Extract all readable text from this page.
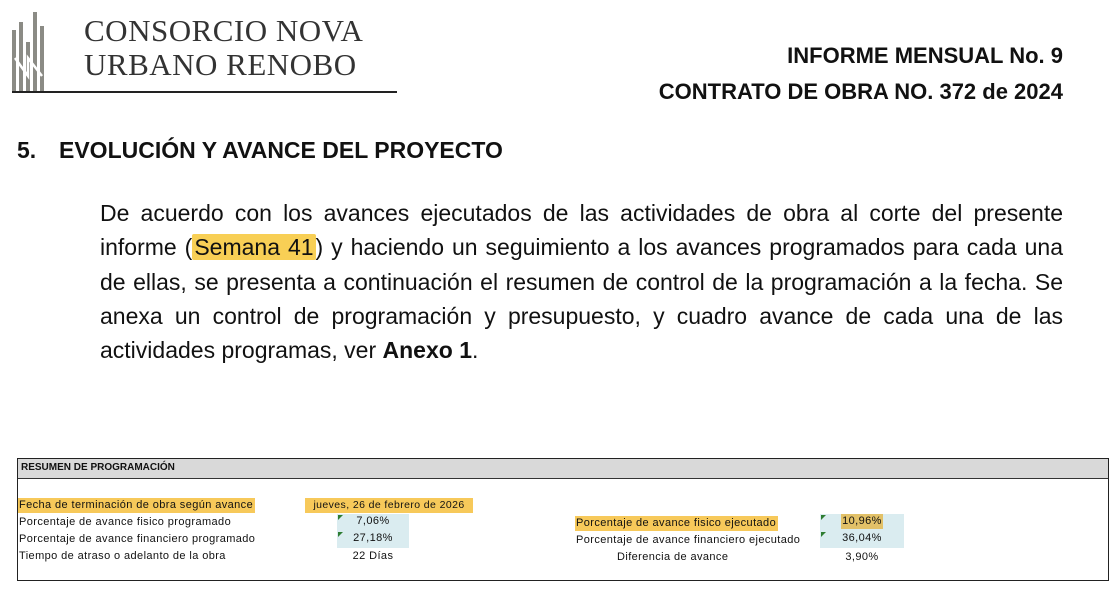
CONSORCIO NOVA
URBANO RENOBO	INFORME MENSUAL No. 9
CONTRATO DE OBRA NO. 372 de 2024
5. EVOLUCIÓN Y AVANCE DEL PROYECTO
De acuerdo con los avances ejecutados de las actividades de obra al corte del presente informe (Semana 41) y haciendo un seguimiento a los avances programados para cada una de ellas, se presenta a continuación el resumen de control de la programación a la fecha. Se anexa un control de programación y presupuesto, y cuadro avance de cada una de las actividades programas, ver Anexo 1.
RESUMEN DE PROGRAMACIÓN
Fecha de terminación de obra según avance
Porcentaje de avance fisico programado
Porcentaje de avance financiero programado
Tiempo de atraso o adelanto de la obra
jueves, 26 de febrero de 2026
7,06%
27,18%
22 Días
Porcentaje de avance fisico ejecutado
Porcentaje de avance financiero ejecutado
Diferencia de avance
10,96%
36,04%
3,90%
